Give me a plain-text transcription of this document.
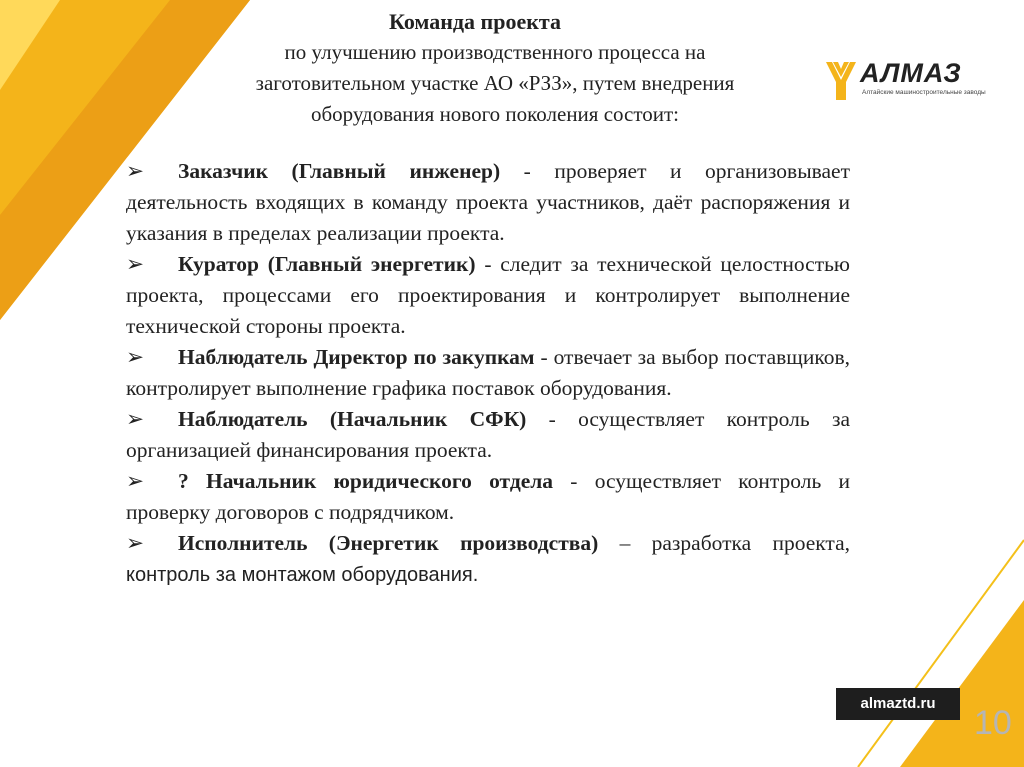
Команда проекта
по улучшению производственного процесса на
заготовительном участке АО «РЗЗ», путем внедрения
оборудования нового поколения состоит:
АЛМАЗ
Алтайские машиностроительные заводы

➢ Заказчик (Главный инженер) - проверяет и организовывает деятельность входящих в команду проекта участников, даёт распоряжения и указания в пределах реализации проекта.

➢ Куратор (Главный энергетик) - следит за технической целостностью проекта, процессами его проектирования и контролирует выполнение технической стороны проекта.

➢ Наблюдатель Директор по закупкам - отвечает за выбор поставщиков, контролирует выполнение графика поставок оборудования.

➢ Наблюдатель (Начальник СФК) - осуществляет контроль за организацией финансирования проекта.

➢ ? Начальник юридического отдела - осуществляет контроль и проверку договоров с подрядчиком.

➢ Исполнитель (Энергетик производства) – разработка проекта, контроль за монтажом оборудования.

almaztd.ru
10
